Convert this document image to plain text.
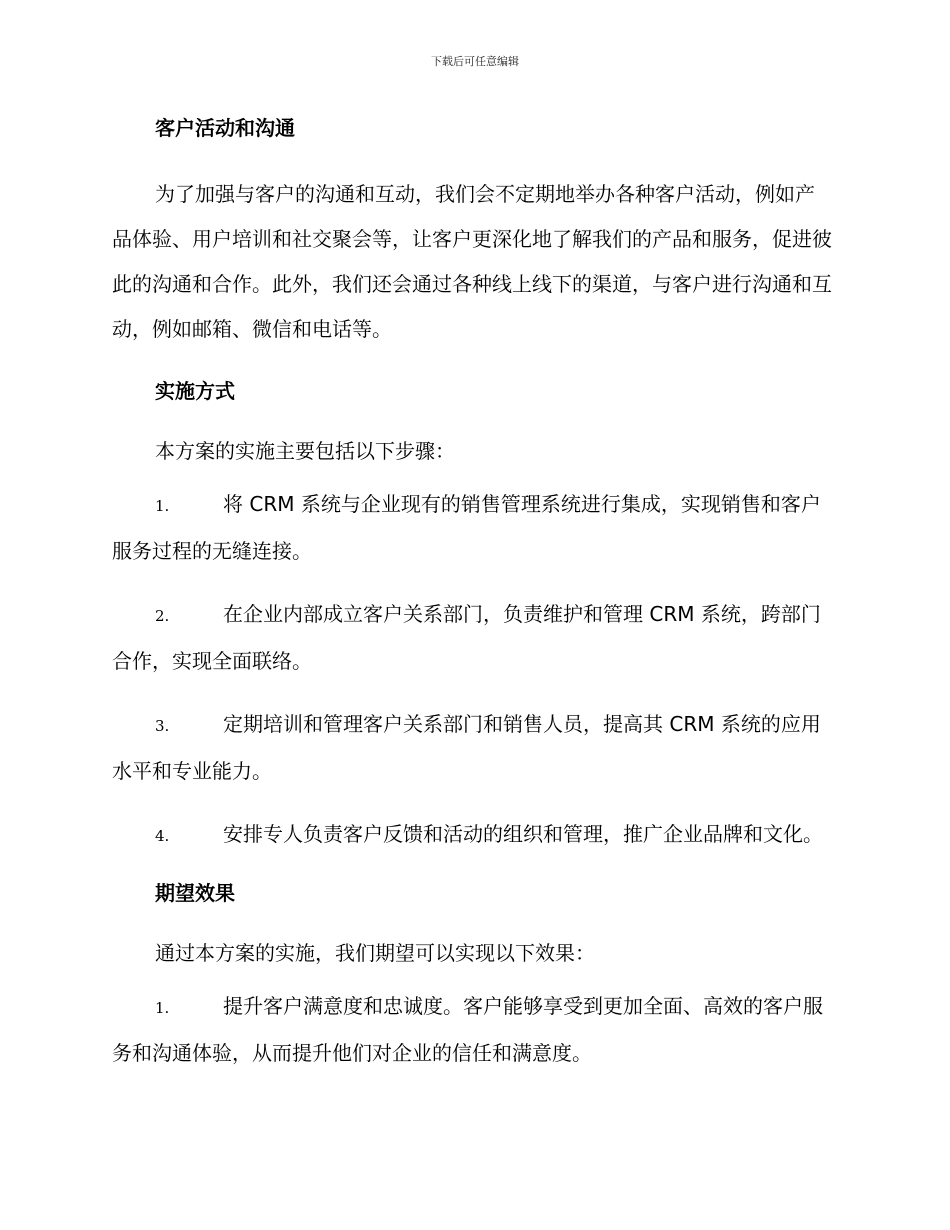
下载后可任意编辑
客户活动和沟通

为了加强与客户的沟通和互动，我们会不定期地举办各种客户活动，例如产品体验、用户培训和社交聚会等，让客户更深化地了解我们的产品和服务，促进彼此的沟通和合作。此外，我们还会通过各种线上线下的渠道，与客户进行沟通和互动，例如邮箱、微信和电话等。

实施方式

本方案的实施主要包括以下步骤：

1.	将 CRM 系统与企业现有的销售管理系统进行集成，实现销售和客户服务过程的无缝连接。

2.	在企业内部成立客户关系部门，负责维护和管理 CRM 系统，跨部门合作，实现全面联络。

3.	定期培训和管理客户关系部门和销售人员，提高其 CRM 系统的应用水平和专业能力。

4.	安排专人负责客户反馈和活动的组织和管理，推广企业品牌和文化。

期望效果

通过本方案的实施，我们期望可以实现以下效果：

1.	提升客户满意度和忠诚度。客户能够享受到更加全面、高效的客户服务和沟通体验，从而提升他们对企业的信任和满意度。
